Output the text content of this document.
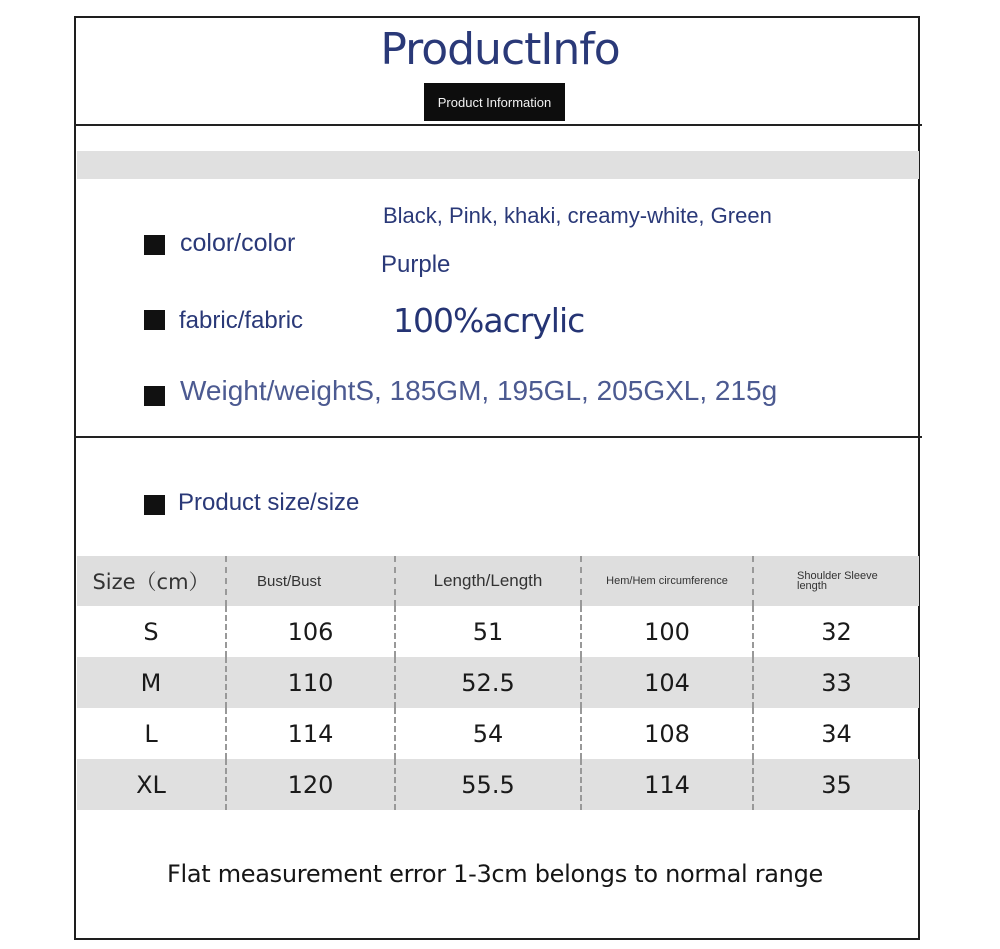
ProductInfo
Product Information
color/color
Black, Pink, khaki, creamy-white, Green
Purple
fabric/fabric	100%acrylic
Weight/weightS, 185GM, 195GL, 205GXL, 215g
Product size/size
Size（cm）	Bust/Bust	Length/Length	Hem/Hem circumference	Shoulder Sleeve length

S	106	51	100	32
M	110	52.5	104	33
L	114	54	108	34
XL	120	55.5	114	35
Flat measurement error 1-3cm belongs to normal range
